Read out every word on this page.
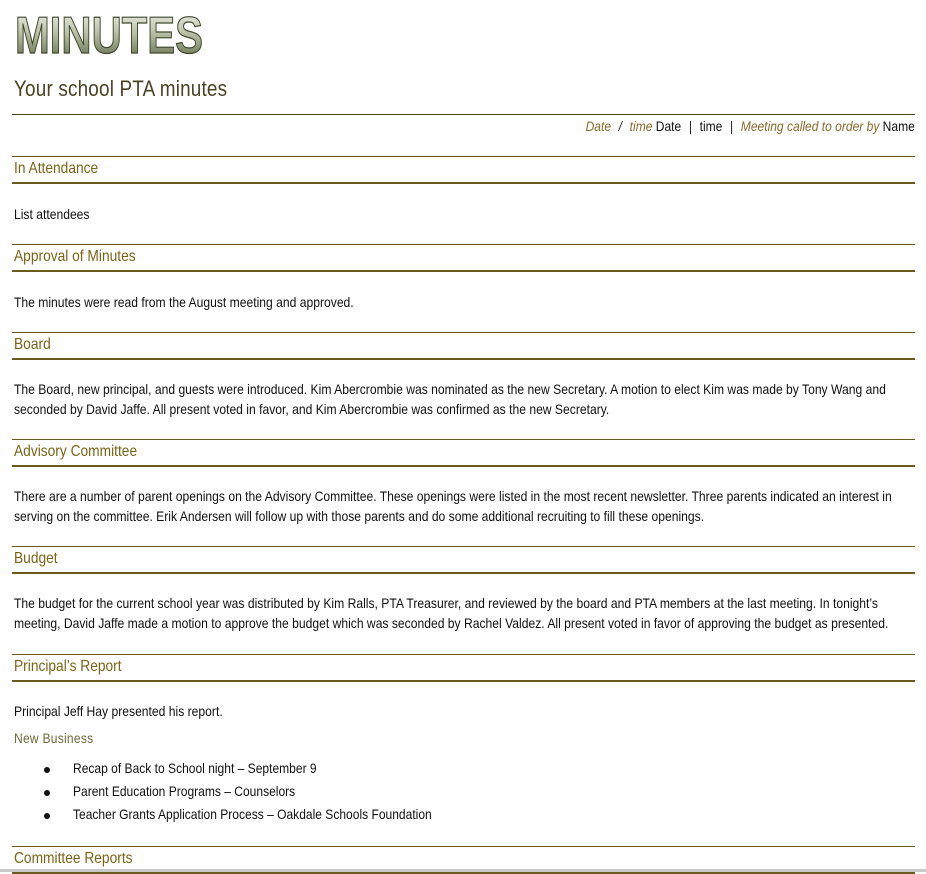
MINUTES
Your school PTA minutes
Date / time Date | time | Meeting called to order by Name
In Attendance
List attendees
Approval of Minutes
The minutes were read from the August meeting and approved.
Board
The Board, new principal, and guests were introduced. Kim Abercrombie was nominated as the new Secretary. A motion to elect Kim was made by Tony Wang and seconded by David Jaffe. All present voted in favor, and Kim Abercrombie was confirmed as the new Secretary.
Advisory Committee
There are a number of parent openings on the Advisory Committee. These openings were listed in the most recent newsletter. Three parents indicated an interest in serving on the committee. Erik Andersen will follow up with those parents and do some additional recruiting to fill these openings.
Budget
The budget for the current school year was distributed by Kim Ralls, PTA Treasurer, and reviewed by the board and PTA members at the last meeting. In tonight’s meeting, David Jaffe made a motion to approve the budget which was seconded by Rachel Valdez. All present voted in favor of approving the budget as presented.
Principal’s Report
Principal Jeff Hay presented his report.
New Business
Recap of Back to School night – September 9
Parent Education Programs – Counselors
Teacher Grants Application Process – Oakdale Schools Foundation
Committee Reports
